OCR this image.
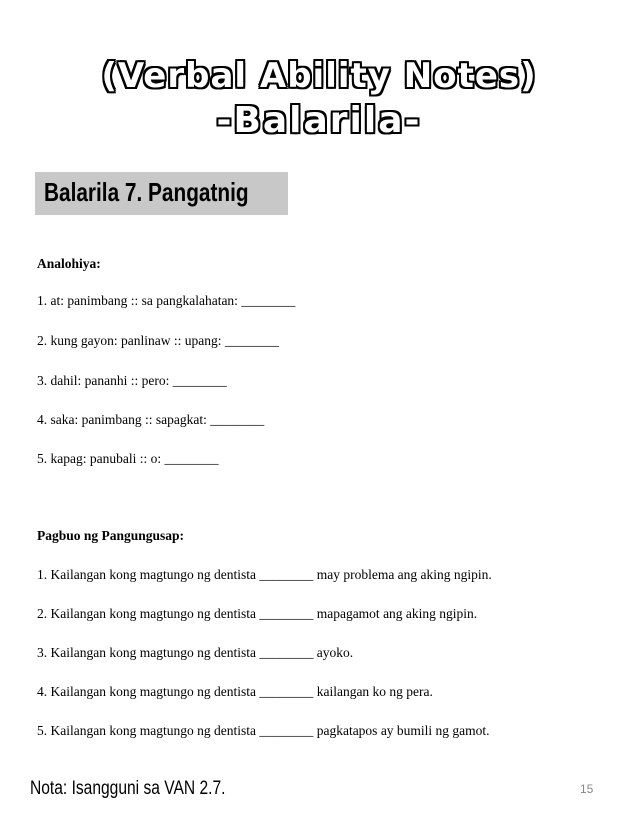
(Verbal Ability Notes)
-Balarila-
Balarila 7. Pangatnig
Analohiya:
1. at: panimbang :: sa pangkalahatan: ________
2. kung gayon: panlinaw :: upang: ________
3. dahil: pananhi :: pero: ________
4. saka: panimbang :: sapagkat: ________
5. kapag: panubali :: o: ________
Pagbuo ng Pangungusap:
1. Kailangan kong magtungo ng dentista ________ may problema ang aking ngipin.
2. Kailangan kong magtungo ng dentista ________ mapagamot ang aking ngipin.
3. Kailangan kong magtungo ng dentista ________ ayoko.
4. Kailangan kong magtungo ng dentista ________ kailangan ko ng pera.
5. Kailangan kong magtungo ng dentista ________ pagkatapos ay bumili ng gamot.
Nota: Isangguni sa VAN 2.7.	15
